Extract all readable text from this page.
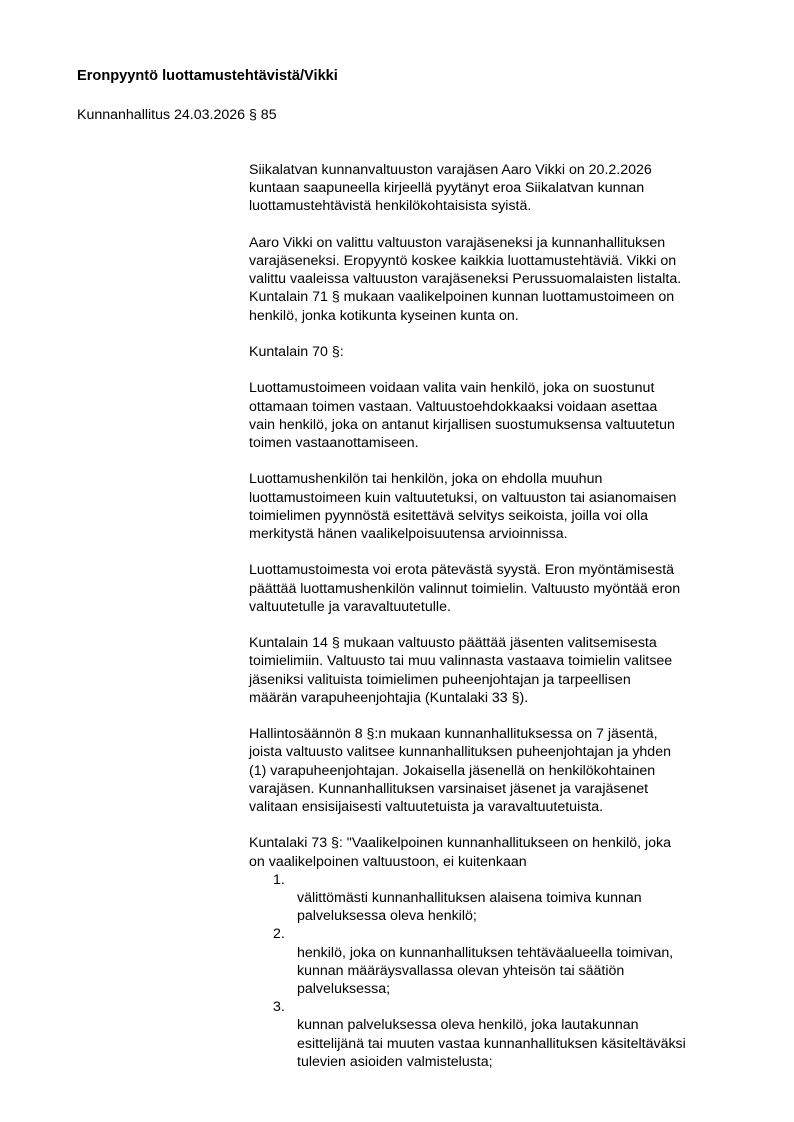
Eronpyyntö luottamustehtävistä/Vikki
Kunnanhallitus 24.03.2026 § 85

Siikalatvan kunnanvaltuuston varajäsen Aaro Vikki on 20.2.2026
kuntaan saapuneella kirjeellä pyytänyt eroa Siikalatvan kunnan
luottamustehtävistä henkilökohtaisista syistä.

Aaro Vikki on valittu valtuuston varajäseneksi ja kunnanhallituksen
varajäseneksi. Eropyyntö koskee kaikkia luottamustehtäviä. Vikki on
valittu vaaleissa valtuuston varajäseneksi Perussuomalaisten listalta.
Kuntalain 71 § mukaan vaalikelpoinen kunnan luottamustoimeen on
henkilö, jonka kotikunta kyseinen kunta on.

Kuntalain 70 §:

Luottamustoimeen voidaan valita vain henkilö, joka on suostunut
ottamaan toimen vastaan. Valtuustoehdokkaaksi voidaan asettaa
vain henkilö, joka on antanut kirjallisen suostumuksensa valtuutetun
toimen vastaanottamiseen.

Luottamushenkilön tai henkilön, joka on ehdolla muuhun
luottamustoimeen kuin valtuutetuksi, on valtuuston tai asianomaisen
toimielimen pyynnöstä esitettävä selvitys seikoista, joilla voi olla
merkitystä hänen vaalikelpoisuutensa arvioinnissa.

Luottamustoimesta voi erota pätevästä syystä. Eron myöntämisestä
päättää luottamushenkilön valinnut toimielin. Valtuusto myöntää eron
valtuutetulle ja varavaltuutetulle.

Kuntalain 14 § mukaan valtuusto päättää jäsenten valitsemisesta
toimielimiin. Valtuusto tai muu valinnasta vastaava toimielin valitsee
jäseniksi valituista toimielimen puheenjohtajan ja tarpeellisen
määrän varapuheenjohtajia (Kuntalaki 33 §).

Hallintosäännön 8 §:n mukaan kunnanhallituksessa on 7 jäsentä,
joista valtuusto valitsee kunnanhallituksen puheenjohtajan ja yhden
(1) varapuheenjohtajan. Jokaisella jäsenellä on henkilökohtainen
varajäsen. Kunnanhallituksen varsinaiset jäsenet ja varajäsenet
valitaan ensisijaisesti valtuutetuista ja varavaltuutetuista.

Kuntalaki 73 §: "Vaalikelpoinen kunnanhallitukseen on henkilö, joka
on vaalikelpoinen valtuustoon, ei kuitenkaan

1.
välittömästi kunnanhallituksen alaisena toimiva kunnan
palveluksessa oleva henkilö;

2.
henkilö, joka on kunnanhallituksen tehtäväalueella toimivan,
kunnan määräysvallassa olevan yhteisön tai säätiön
palveluksessa;

3.
kunnan palveluksessa oleva henkilö, joka lautakunnan
esittelijänä tai muuten vastaa kunnanhallituksen käsiteltäväksi
tulevien asioiden valmistelusta;
